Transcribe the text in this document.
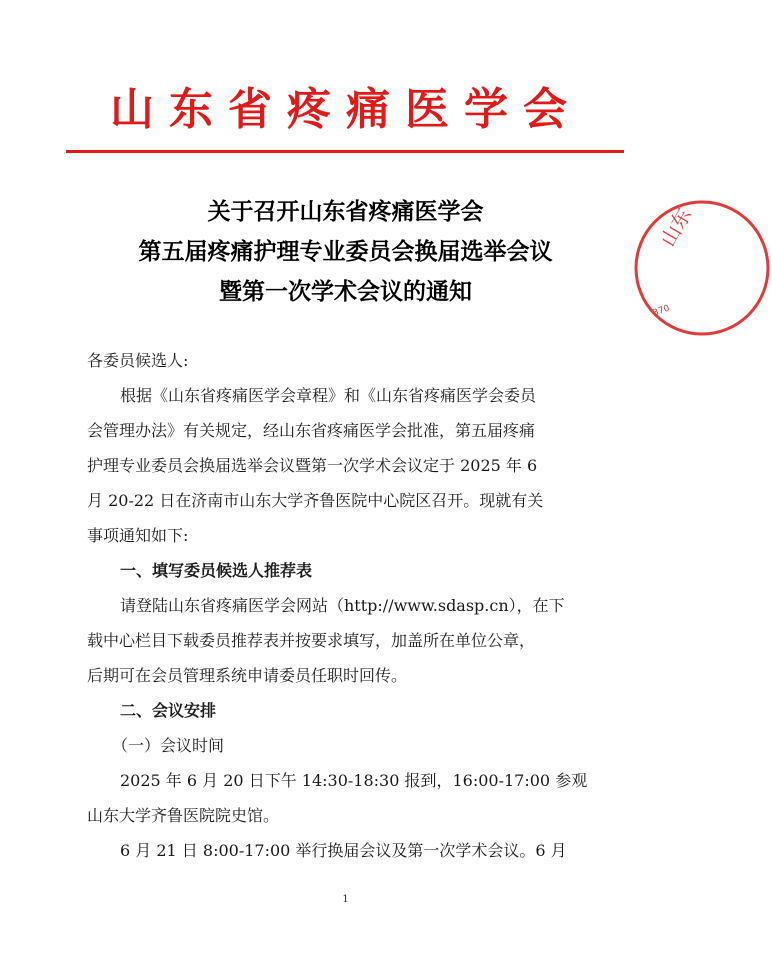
山东省疼痛医学会
山东
370
关于召开山东省疼痛医学会
第五届疼痛护理专业委员会换届选举会议
暨第一次学术会议的通知
各委员候选人:
根据《山东省疼痛医学会章程》和《山东省疼痛医学会委员
会管理办法》有关规定，经山东省疼痛医学会批准，第五届疼痛
护理专业委员会换届选举会议暨第一次学术会议定于 2025 年 6
月 20-22 日在济南市山东大学齐鲁医院中心院区召开。现就有关
事项通知如下:
一、填写委员候选人推荐表
请登陆山东省疼痛医学会网站（http://www.sdasp.cn），在下
载中心栏目下载委员推荐表并按要求填写，加盖所在单位公章，
后期可在会员管理系统申请委员任职时回传。
二、会议安排
（一）会议时间
2025 年 6 月 20 日下午 14:30-18:30 报到，16:00-17:00 参观
山东大学齐鲁医院院史馆。
6 月 21 日 8:00-17:00 举行换届会议及第一次学术会议。6 月
1
